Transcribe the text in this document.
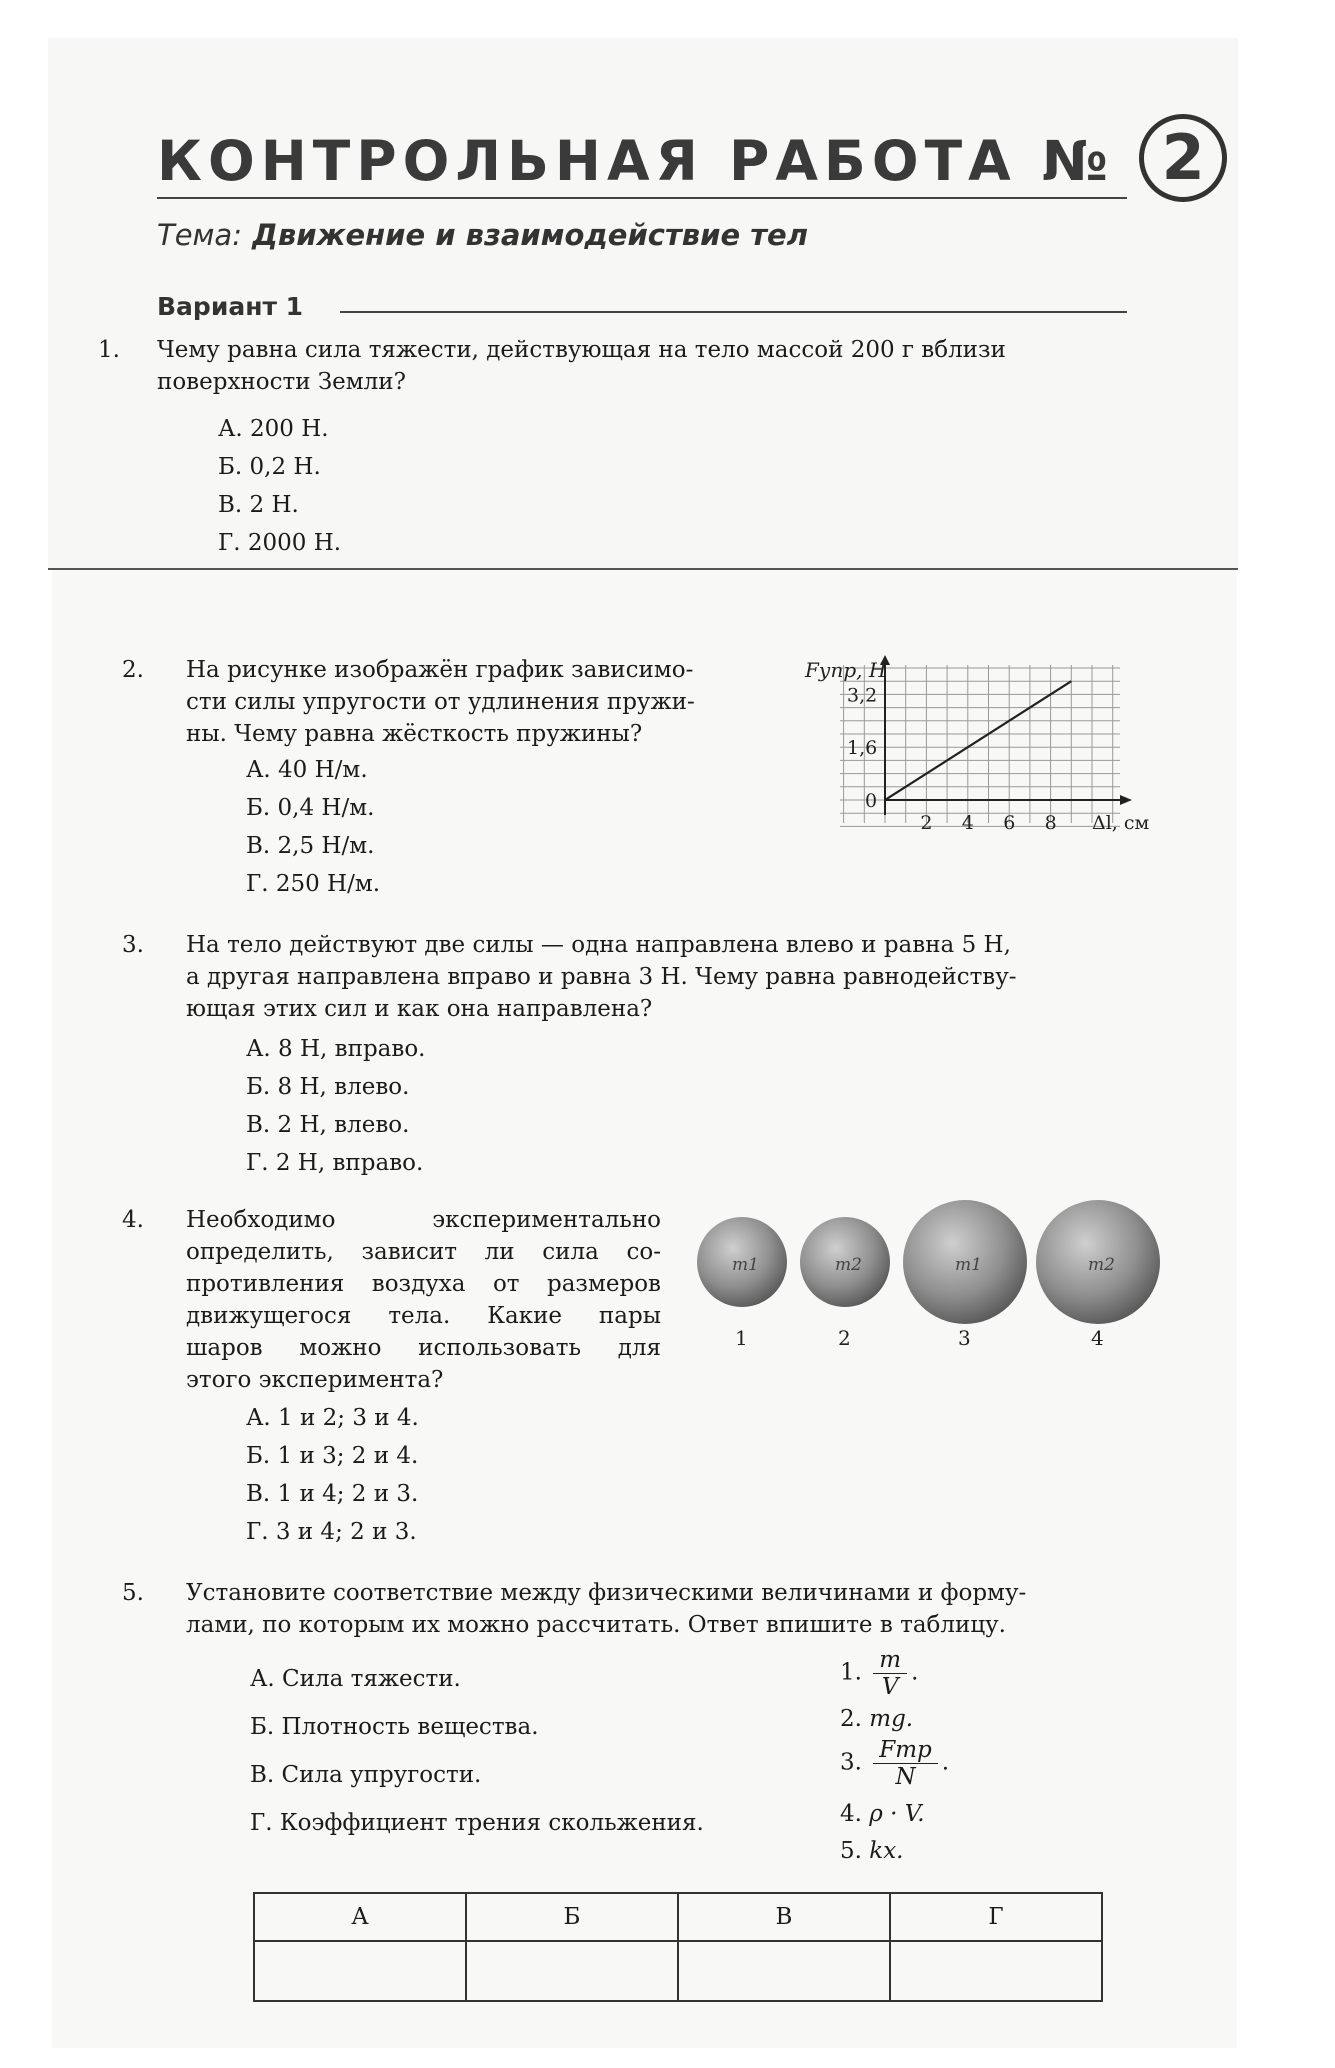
КОНТРОЛЬНАЯ РАБОТА № 2
Тема: Движение и взаимодействие тел
Вариант 1
1. Чему равна сила тяжести, действующая на тело массой 200 г вблизи
поверхности Земли?
А. 200 Н.
Б. 0,2 Н.
В. 2 Н.
Г. 2000 Н.
2. На рисунке изображён график зависимо-
сти силы упругости от удлинения пружи-
ны. Чему равна жёсткость пружины?
А. 40 Н/м.
Б. 0,4 Н/м.
В. 2,5 Н/м.
Г. 250 Н/м.
2 4 6 8
0
1,6
3,2
Fупр, Н
Δl, см
3. На тело действуют две силы — одна направлена влево и равна 5 Н,
а другая направлена вправо и равна 3 Н. Чему равна равнодейству-
ющая этих сил и как она направлена?
А. 8 Н, вправо.
Б. 8 Н, влево.
В. 2 Н, влево.
Г. 2 Н, вправо.
4. Необходимо экспериментально
определить, зависит ли сила со-
противления воздуха от размеров
движущегося тела. Какие пары
шаров можно использовать для
этого эксперимента?
А. 1 и 2; 3 и 4.
Б. 1 и 3; 2 и 4.
В. 1 и 4; 2 и 3.
Г. 3 и 4; 2 и 3.
m1	m2	m1	m2
1	2	3	4
5. Установите соответствие между физическими величинами и форму-
лами, по которым их можно рассчитать. Ответ впишите в таблицу.
А. Сила тяжести.
Б. Плотность вещества.
В. Сила упругости.
Г. Коэффициент трения скольжения.
1. $\frac{m}{V}$ .
2. mg.
3. $\frac{\text{Fтр}}{N}$ .
4. ρ · V.
5. kx.
А	Б	В	Г
